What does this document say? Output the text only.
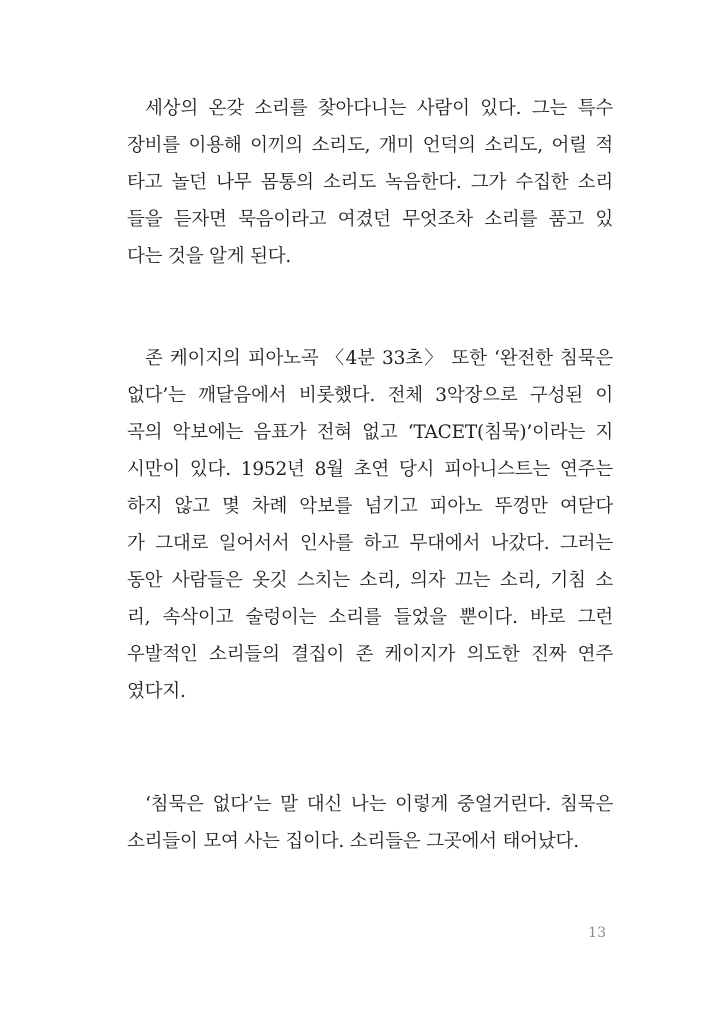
세상의 온갖 소리를 찾아다니는 사람이 있다. 그는 특수
장비를 이용해 이끼의 소리도, 개미 언덕의 소리도, 어릴 적
타고 놀던 나무 몸통의 소리도 녹음한다. 그가 수집한 소리
들을 듣자면 묵음이라고 여겼던 무엇조차 소리를 품고 있
다는 것을 알게 된다.
존 케이지의 피아노곡 〈4분 33초〉 또한 ‘완전한 침묵은
없다’는 깨달음에서 비롯했다. 전체 3악장으로 구성된 이
곡의 악보에는 음표가 전혀 없고 ‘TACET(침묵)’이라는 지
시만이 있다. 1952년 8월 초연 당시 피아니스트는 연주는
하지 않고 몇 차례 악보를 넘기고 피아노 뚜껑만 여닫다
가 그대로 일어서서 인사를 하고 무대에서 나갔다. 그러는
동안 사람들은 옷깃 스치는 소리, 의자 끄는 소리, 기침 소
리, 속삭이고 술렁이는 소리를 들었을 뿐이다. 바로 그런
우발적인 소리들의 결집이 존 케이지가 의도한 진짜 연주
였다지.
‘침묵은 없다’는 말 대신 나는 이렇게 중얼거린다. 침묵은
소리들이 모여 사는 집이다. 소리들은 그곳에서 태어났다.
13
